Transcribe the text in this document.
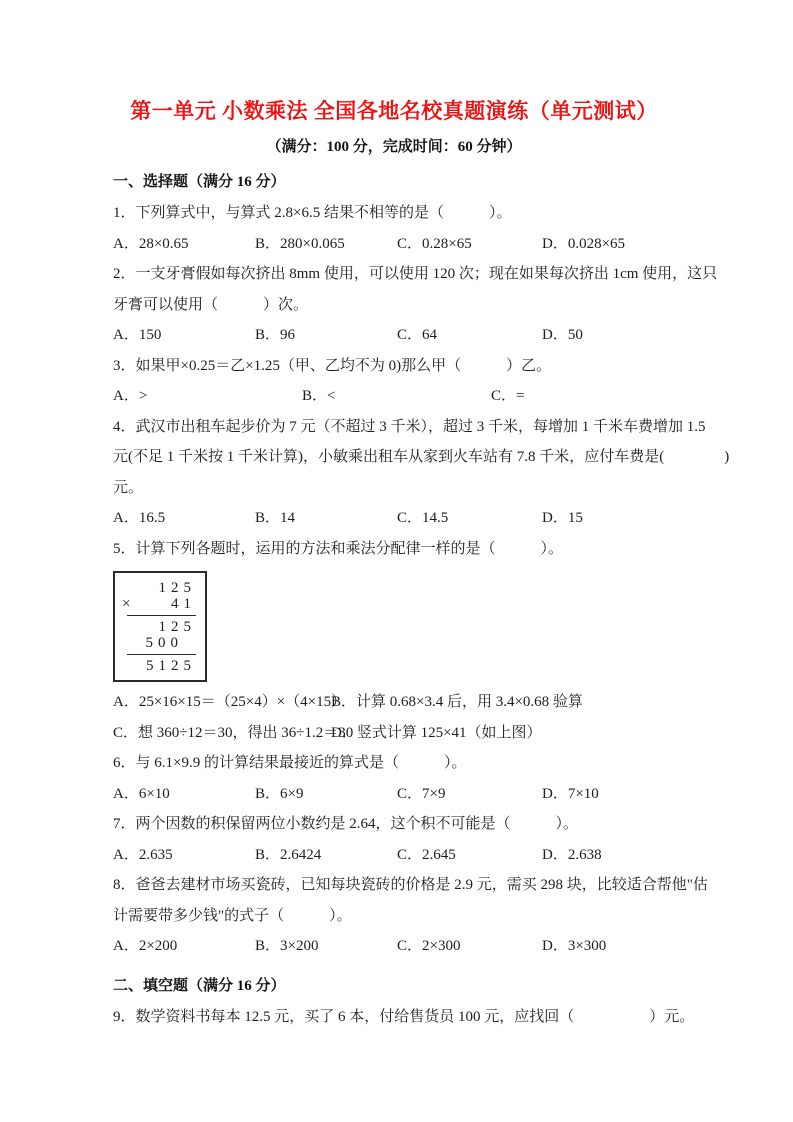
第一单元 小数乘法 全国各地名校真题演练（单元测试）

（满分：100 分，完成时间：60 分钟）

一、选择题（满分 16 分）
1．下列算式中，与算式 2.8×6.5 结果不相等的是（　　　）。
A．28×0.65	B．280×0.065	C．0.28×65	D．0.028×65
2．一支牙膏假如每次挤出 8mm 使用，可以使用 120 次；现在如果每次挤出 1cm 使用，这只
牙膏可以使用（　　　）次。
A．150	B．96	C．64	D．50
3．如果甲×0.25＝乙×1.25（甲、乙均不为 0)那么甲（　　　）乙。
A．>	B．<	C．=
4．武汉市出租车起步价为 7 元（不超过 3 千米），超过 3 千米，每增加 1 千米车费增加 1.5
元(不足 1 千米按 1 千米计算)，小敏乘出租车从家到火车站有 7.8 千米，应付车费是(　　　　)
元。
A．16.5	B．14	C．14.5	D．15
5．计算下列各题时，运用的方法和乘法分配律一样的是（　　　）。
125
×	41
125
500
5125
A．25×16×15＝（25×4）×（4×15）
B．计算 0.68×3.4 后，用 3.4×0.68 验算
C．想 360÷12＝30，得出 36÷1.2＝30
D．竖式计算 125×41（如上图）
6．与 6.1×9.9 的计算结果最接近的算式是（　　　）。
A．6×10	B．6×9	C．7×9	D．7×10
7．两个因数的积保留两位小数约是 2.64，这个积不可能是（　　　）。
A．2.635	B．2.6424	C．2.645	D．2.638
8．爸爸去建材市场买瓷砖，已知每块瓷砖的价格是 2.9 元，需买 298 块，比较适合帮他"估
计需要带多少钱"的式子（　　　）。
A．2×200	B．3×200	C．2×300	D．3×300
二、填空题（满分 16 分）
9．数学资料书每本 12.5 元，买了 6 本，付给售货员 100 元，应找回（　　　　　）元。
